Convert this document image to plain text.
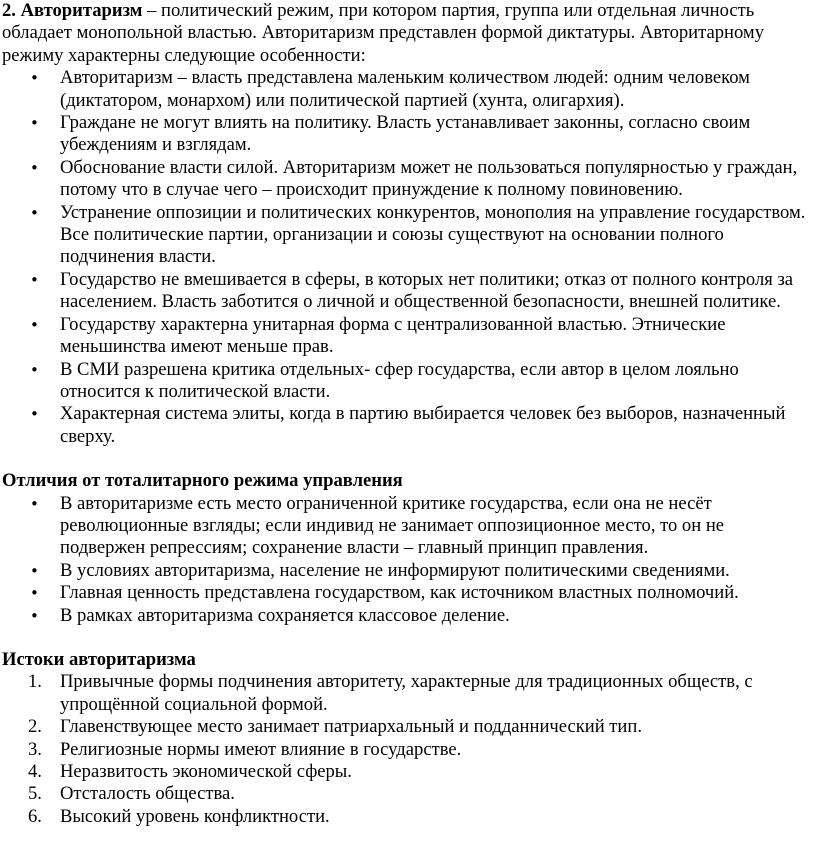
2. Авторитаризм – политический режим, при котором партия, группа или отдельная личность обладает монопольной властью. Авторитаризм представлен формой диктатуры. Авторитарному режиму характерны следующие особенности:

• Авторитаризм – власть представлена маленьким количеством людей: одним человеком (диктатором, монархом) или политической партией (хунта, олигархия).
• Граждане не могут влиять на политику. Власть устанавливает законны, согласно своим убеждениям и взглядам.
• Обоснование власти силой. Авторитаризм может не пользоваться популярностью у граждан, потому что в случае чего – происходит принуждение к полному повиновению.
• Устранение оппозиции и политических конкурентов, монополия на управление государством. Все политические партии, организации и союзы существуют на основании полного подчинения власти.
• Государство не вмешивается в сферы, в которых нет политики; отказ от полного контроля за населением. Власть заботится о личной и общественной безопасности, внешней политике.
• Государству характерна унитарная форма с централизованной властью. Этнические меньшинства имеют меньше прав.
• В СМИ разрешена критика отдельных- сфер государства, если автор в целом лояльно относится к политической власти.
• Характерная система элиты, когда в партию выбирается человек без выборов, назначенный сверху.

Отличия от тоталитарного режима управления

• В авторитаризме есть место ограниченной критике государства, если она не несёт революционные взгляды; если индивид не занимает оппозиционное место, то он не подвержен репрессиям; сохранение власти – главный принцип правления.
• В условиях авторитаризма, население не информируют политическими сведениями.
• Главная ценность представлена государством, как источником властных полномочий.
• В рамках авторитаризма сохраняется классовое деление.

Истоки авторитаризма

1. Привычные формы подчинения авторитету, характерные для традиционных обществ, с упрощённой социальной формой.
2. Главенствующее место занимает патриархальный и подданнический тип.
3. Религиозные нормы имеют влияние в государстве.
4. Неразвитость экономической сферы.
5. Отсталость общества.
6. Высокий уровень конфликтности.
